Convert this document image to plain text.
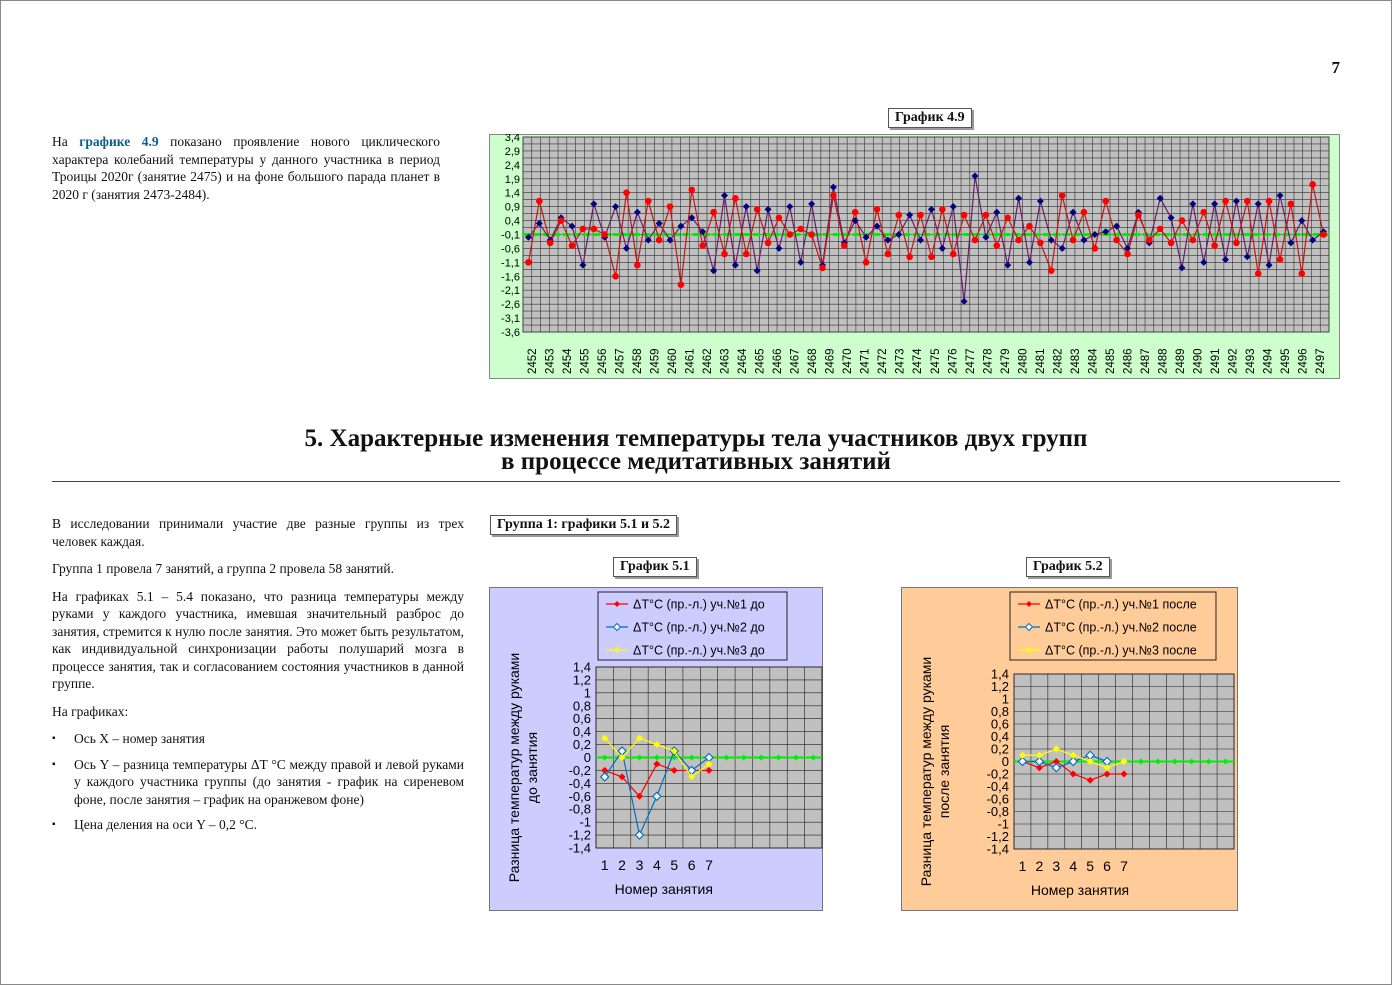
7
На графике 4.9 показано проявление нового циклического характера колебаний температуры у данного участника в период Троицы 2020г (занятие 2475) и на фоне большого парада планет в 2020 г (занятия 2473-2484).
График 4.9
3,4
2,9
2,4
1,9
1,4
0,9
0,4
-0,1
-0,6
-1,1
-1,6
-2,1
-2,6
-3,1
-3,6
2452 2453 2454 2455 2456 2457 2458 2459 2460 2461 2462 2463 2464 2465 2466 2467 2468 2469 2470 2471 2472 2473 2474 2475 2476 2477 2478 2479 2480 2481 2482 2483 2484 2485 2486 2487 2488 2489 2490 2491 2492 2493 2494 2495 2496 2497
5. Характерные изменения температуры тела участников двух групп
в процессе медитативных занятий

В исследовании принимали участие две разные группы из трех человек каждая.

Группа 1 провела 7 занятий, а группа 2 провела 58 занятий.

На графиках 5.1 – 5.4 показано, что разница температуры между руками у каждого участника, имевшая значительный разброс до занятия, стремится к нулю после занятия. Это может быть результатом, как индивидуальной синхронизации работы полушарий мозга в процессе занятия, так и согласованием состояния участников в данной группе.

На графиках:

▪ Ось X – номер занятия
▪ Ось Y – разница температуры ΔT °C между правой и левой руками у каждого участника группы (до занятия - график на сиреневом фоне, после занятия – график на оранжевом фоне)
▪ Цена деления на оси Y – 0,2 °C.
Группа 1: графики 5.1 и 5.2
График 5.1
ΔТ°С (пр.-л.) уч.№1 до
ΔТ°С (пр.-л.) уч.№2 до
ΔТ°С (пр.-л.) уч.№3 до
1,4
1,2
1
0,8
0,6
0,4
0,2
0
-0,2
-0,4
-0,6
-0,8
-1
-1,2
-1,4
1 2 3 4 5 6 7
Номер занятия
Разница температур между руками до занятия
График 5.2
ΔТ°С (пр.-л.) уч.№1 после
ΔТ°С (пр.-л.) уч.№2 после
ΔТ°С (пр.-л.) уч.№3 после
1,4
1,2
1
0,8
0,6
0,4
0,2
0
-0,2
-0,4
-0,6
-0,8
-1
-1,2
-1,4
1 2 3 4 5 6 7
Номер занятия
Разница температур между руками после занятия
